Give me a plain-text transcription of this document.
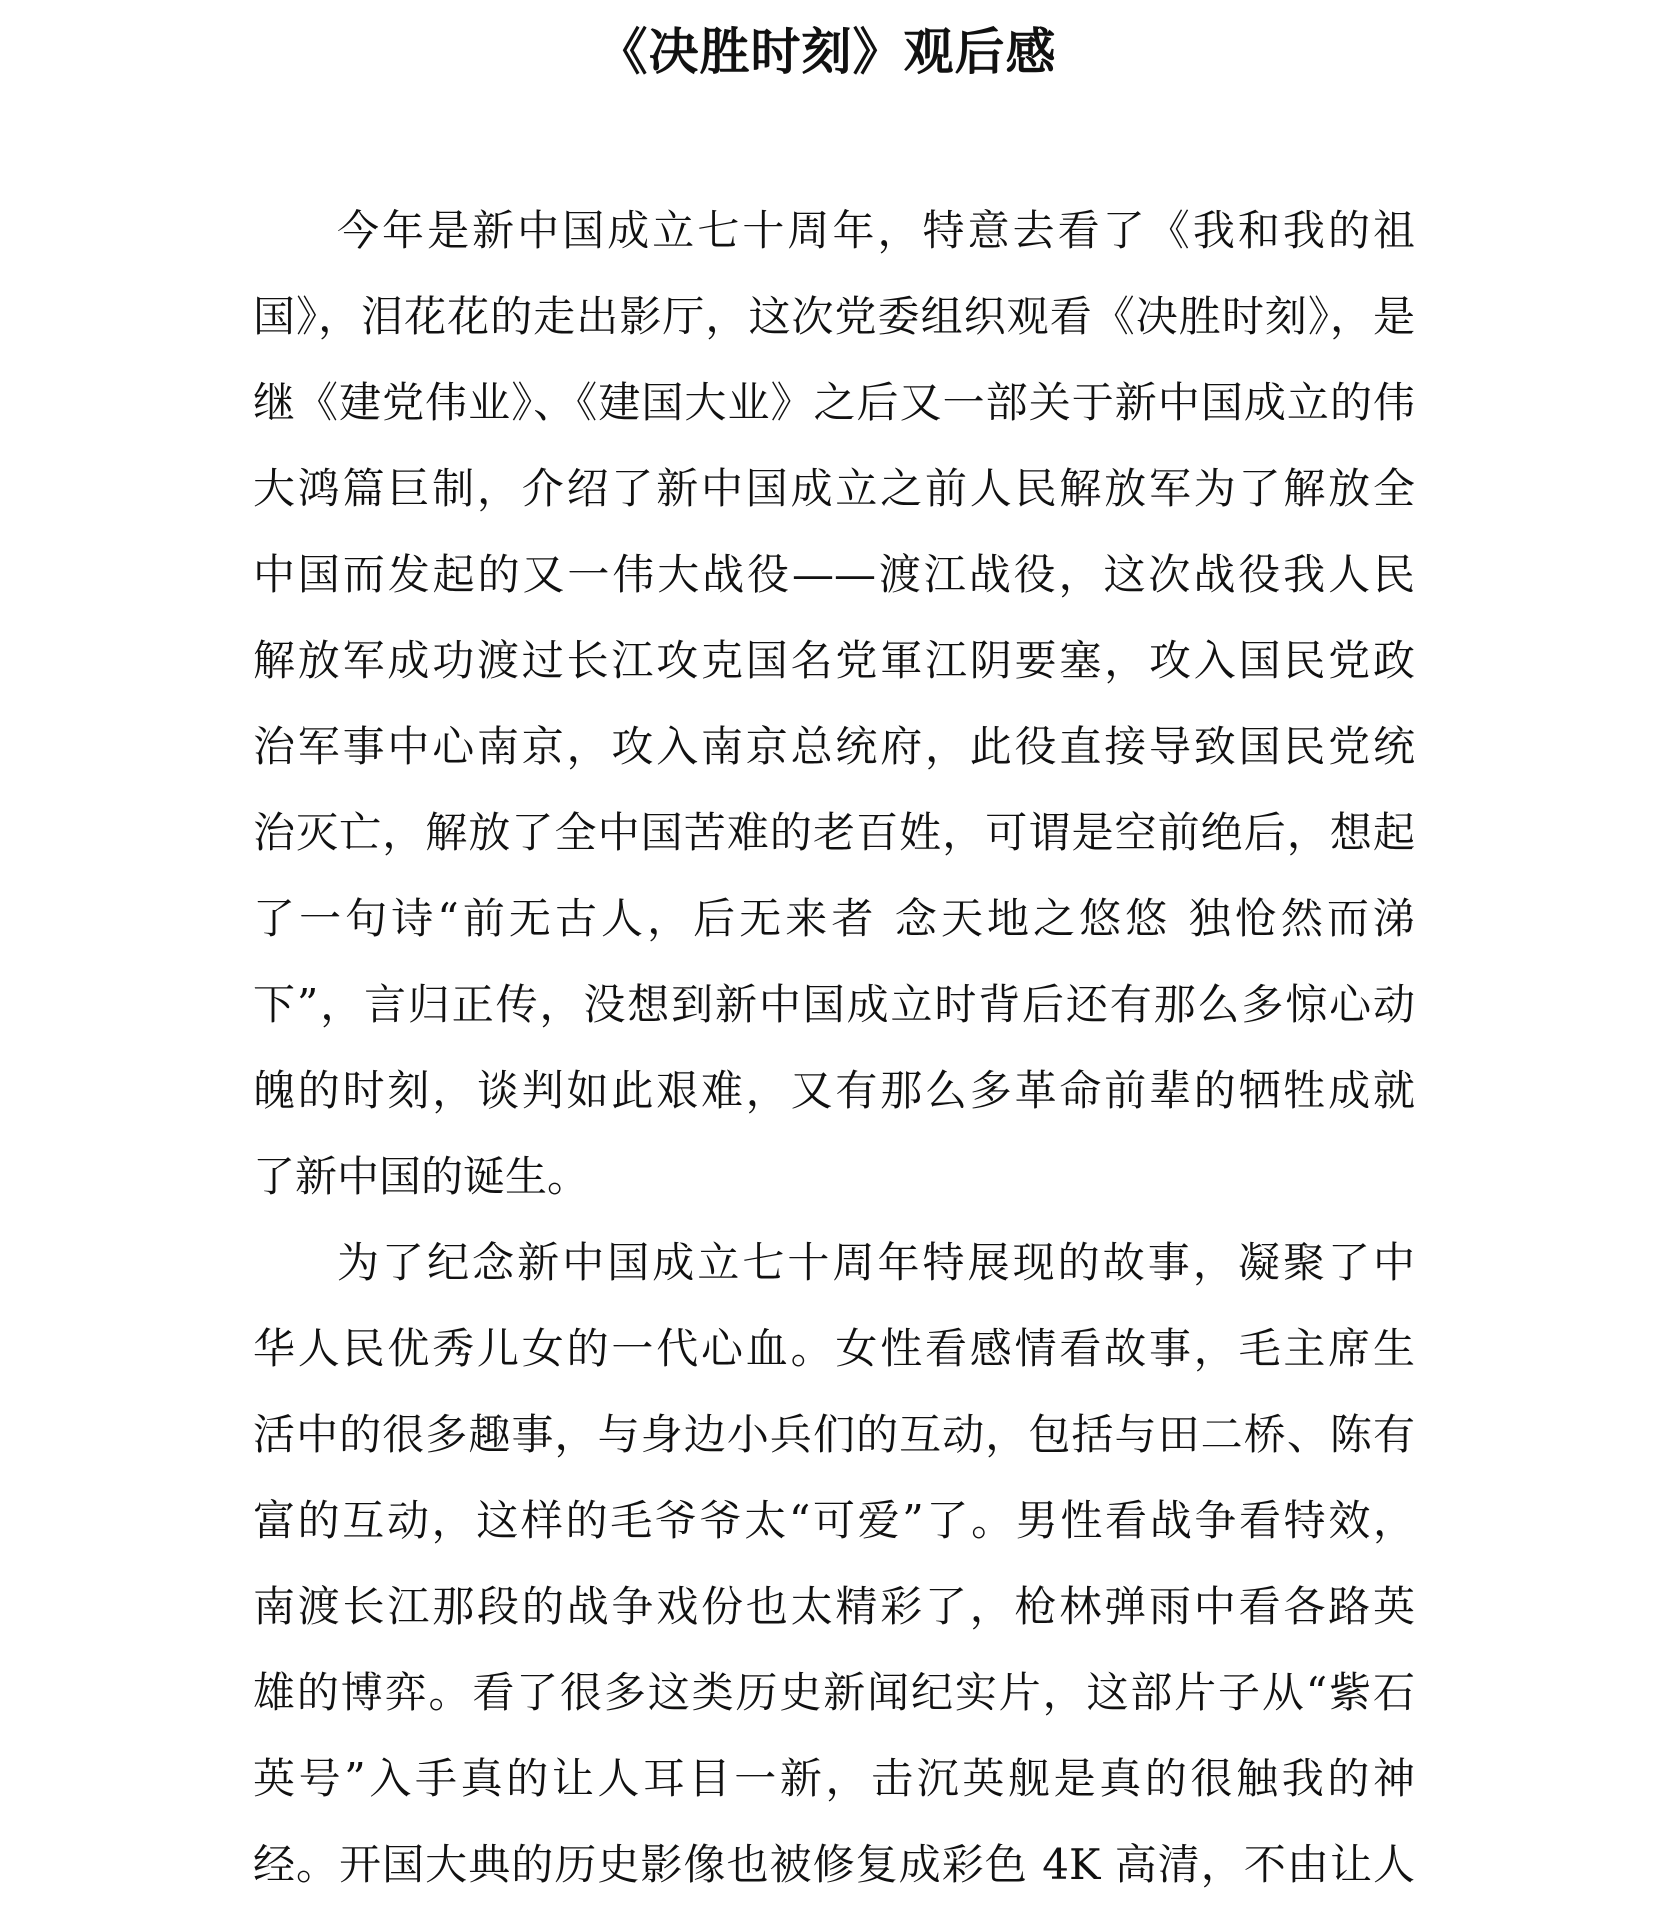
《决胜时刻》观后感

今年是新中国成立七十周年，特意去看了《我和我的祖
国》，泪花花的走出影厅，这次党委组织观看《决胜时刻》，是
继《建党伟业》、《建国大业》之后又一部关于新中国成立的伟
大鸿篇巨制，介绍了新中国成立之前人民解放军为了解放全
中国而发起的又一伟大战役——渡江战役，这次战役我人民
解放军成功渡过长江攻克国名党軍江阴要塞，攻入国民党政
治军事中心南京，攻入南京总统府，此役直接导致国民党统
治灭亡，解放了全中国苦难的老百姓，可谓是空前绝后，想起
了一句诗“前无古人，后无来者 念天地之悠悠 独怆然而涕
下”，言归正传，没想到新中国成立时背后还有那么多惊心动
魄的时刻，谈判如此艰难，又有那么多革命前辈的牺牲成就
了新中国的诞生。

为了纪念新中国成立七十周年特展现的故事，凝聚了中
华人民优秀儿女的一代心血。女性看感情看故事，毛主席生
活中的很多趣事，与身边小兵们的互动，包括与田二桥、陈有
富的互动，这样的毛爷爷太“可爱”了。男性看战争看特效，
南渡长江那段的战争戏份也太精彩了，枪林弹雨中看各路英
雄的博弈。看了很多这类历史新闻纪实片，这部片子从“紫石
英号”入手真的让人耳目一新，击沉英舰是真的很触我的神
经。开国大典的历史影像也被修复成彩色 4K 高清，不由让人
